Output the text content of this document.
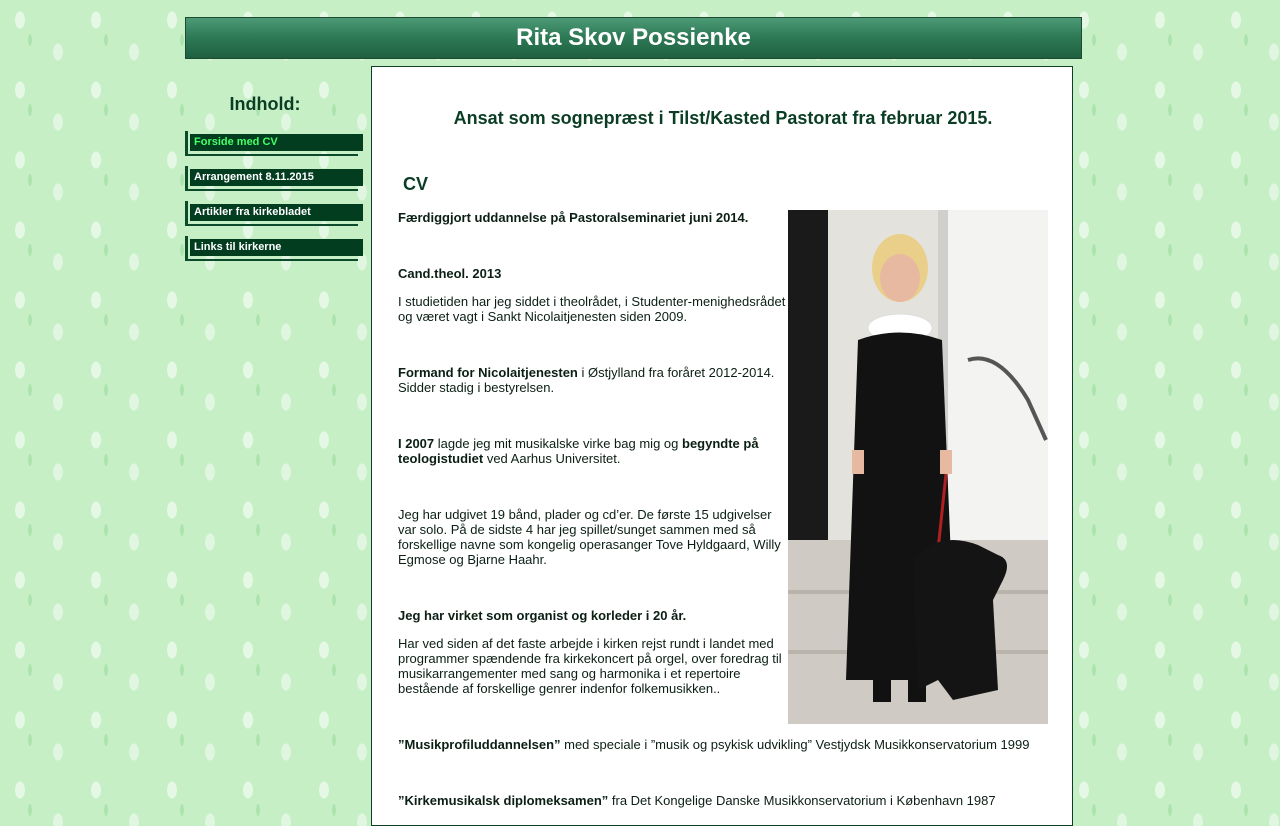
Rita Skov Possienke
Indhold:
Forside med CV
Arrangement 8.11.2015
Artikler fra kirkebladet
Links til kirkerne
Ansat som sognepræst i Tilst/Kasted Pastorat fra februar 2015.
CV
Færdiggjort uddannelse på Pastoralseminariet juni 2014.
Cand.theol. 2013
I studietiden har jeg siddet i theolrådet, i Studenter-menighedsrådet og været vagt i Sankt Nicolaitjenesten siden 2009.
Formand for Nicolaitjenesten i Østjylland fra foråret 2012-2014. Sidder stadig i bestyrelsen.
I 2007 lagde jeg mit musikalske virke bag mig og begyndte på teologistudiet ved Aarhus Universitet.
Jeg har udgivet 19 bånd, plader og cd’er. De første 15 udgivelser var solo. På de sidste 4 har jeg spillet/sunget sammen med så forskellige navne som kongelig operasanger Tove Hyldgaard, Willy Egmose og Bjarne Haahr.
Jeg har virket som organist og korleder i 20 år.
Har ved siden af det faste arbejde i kirken rejst rundt i landet med programmer spændende fra kirkekoncert på orgel, over foredrag til musikarrangementer med sang og harmonika i et repertoire bestående af forskellige genrer indenfor folkemusikken..
”Musikprofiluddannelsen” med speciale i ”musik og psykisk udvikling” Vestjydsk Musikkonservatorium 1999
”Kirkemusikalsk diplomeksamen” fra Det Kongelige Danske Musikkonservatorium i København 1987
